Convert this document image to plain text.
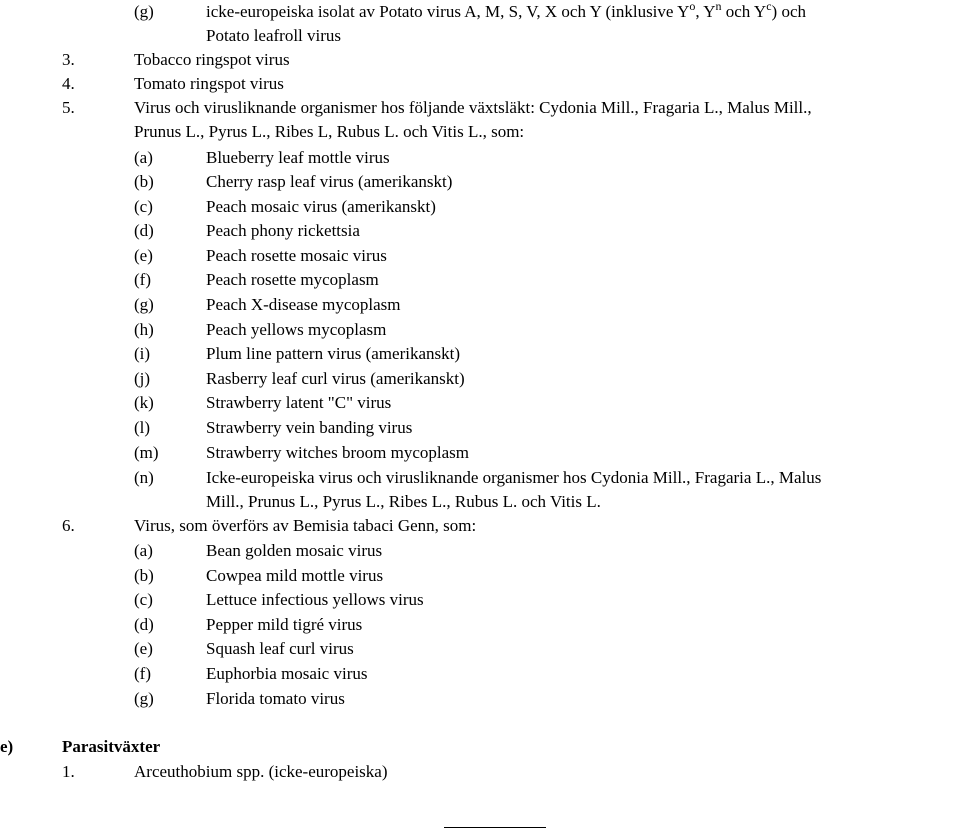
(g)	icke-europeiska isolat av Potato virus A, M, S, V, X och Y (inklusive $Y^o$, $Y^n$ och $Y^c$) och
Potato leafroll virus
3.	Tobacco ringspot virus
4.	Tomato ringspot virus
5.	Virus och virusliknande organismer hos följande växtsläkt: Cydonia Mill., Fragaria L., Malus Mill.,
Prunus L., Pyrus L., Ribes L, Rubus L. och Vitis L., som:
(a)	Blueberry leaf mottle virus
(b)	Cherry rasp leaf virus (amerikanskt)
(c)	Peach mosaic virus (amerikanskt)
(d)	Peach phony rickettsia
(e)	Peach rosette mosaic virus
(f)	Peach rosette mycoplasm
(g)	Peach X-disease mycoplasm
(h)	Peach yellows mycoplasm
(i)	Plum line pattern virus (amerikanskt)
(j)	Rasberry leaf curl virus (amerikanskt)
(k)	Strawberry latent "C" virus
(l)	Strawberry vein banding virus
(m)	Strawberry witches broom mycoplasm
(n)	Icke-europeiska virus och virusliknande organismer hos Cydonia Mill., Fragaria L., Malus
Mill., Prunus L., Pyrus L., Ribes L., Rubus L. och Vitis L.
6.	Virus, som överförs av Bemisia tabaci Genn, som:
(a)	Bean golden mosaic virus
(b)	Cowpea mild mottle virus
(c)	Lettuce infectious yellows virus
(d)	Pepper mild tigré virus
(e)	Squash leaf curl virus
(f)	Euphorbia mosaic virus
(g)	Florida tomato virus
e)	Parasitväxter
1.	Arceuthobium spp. (icke-europeiska)
